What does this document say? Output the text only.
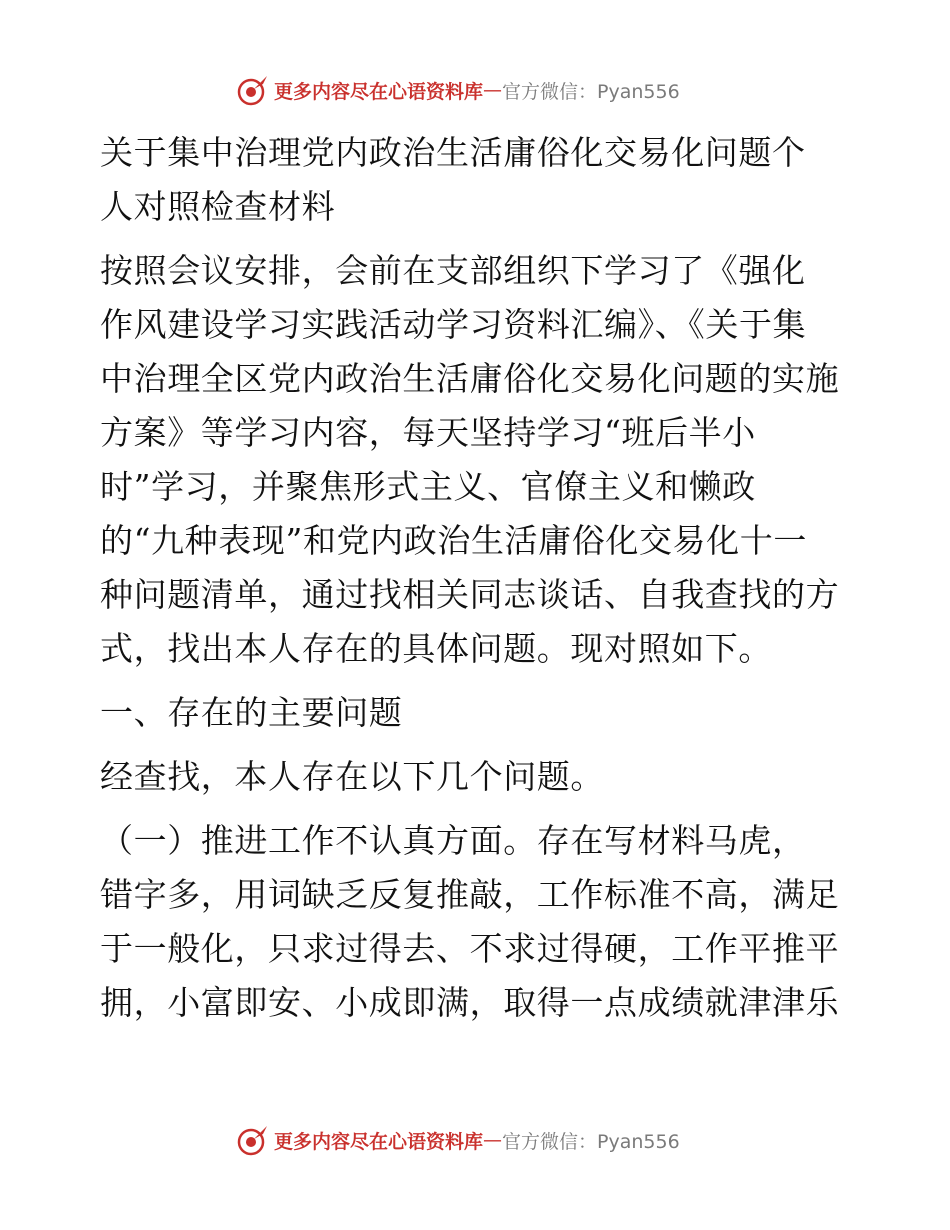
更多内容尽在心语资料库 — 官方微信：Pyan556
关于集中治理党内政治生活庸俗化交易化问题个
人对照检查材料
按照会议安排，会前在支部组织下学习了《强化
作风建设学习实践活动学习资料汇编》、《关于集
中治理全区党内政治生活庸俗化交易化问题的实施
方案》等学习内容，每天坚持学习“班后半小
时”学习，并聚焦形式主义、官僚主义和懒政
的“九种表现”和党内政治生活庸俗化交易化十一
种问题清单，通过找相关同志谈话、自我查找的方
式，找出本人存在的具体问题。现对照如下。
一、存在的主要问题
经查找，本人存在以下几个问题。
（一）推进工作不认真方面。存在写材料马虎，
错字多，用词缺乏反复推敲，工作标准不高，满足
于一般化，只求过得去、不求过得硬，工作平推平
拥，小富即安、小成即满，取得一点成绩就津津乐
更多内容尽在心语资料库 — 官方微信：Pyan556
